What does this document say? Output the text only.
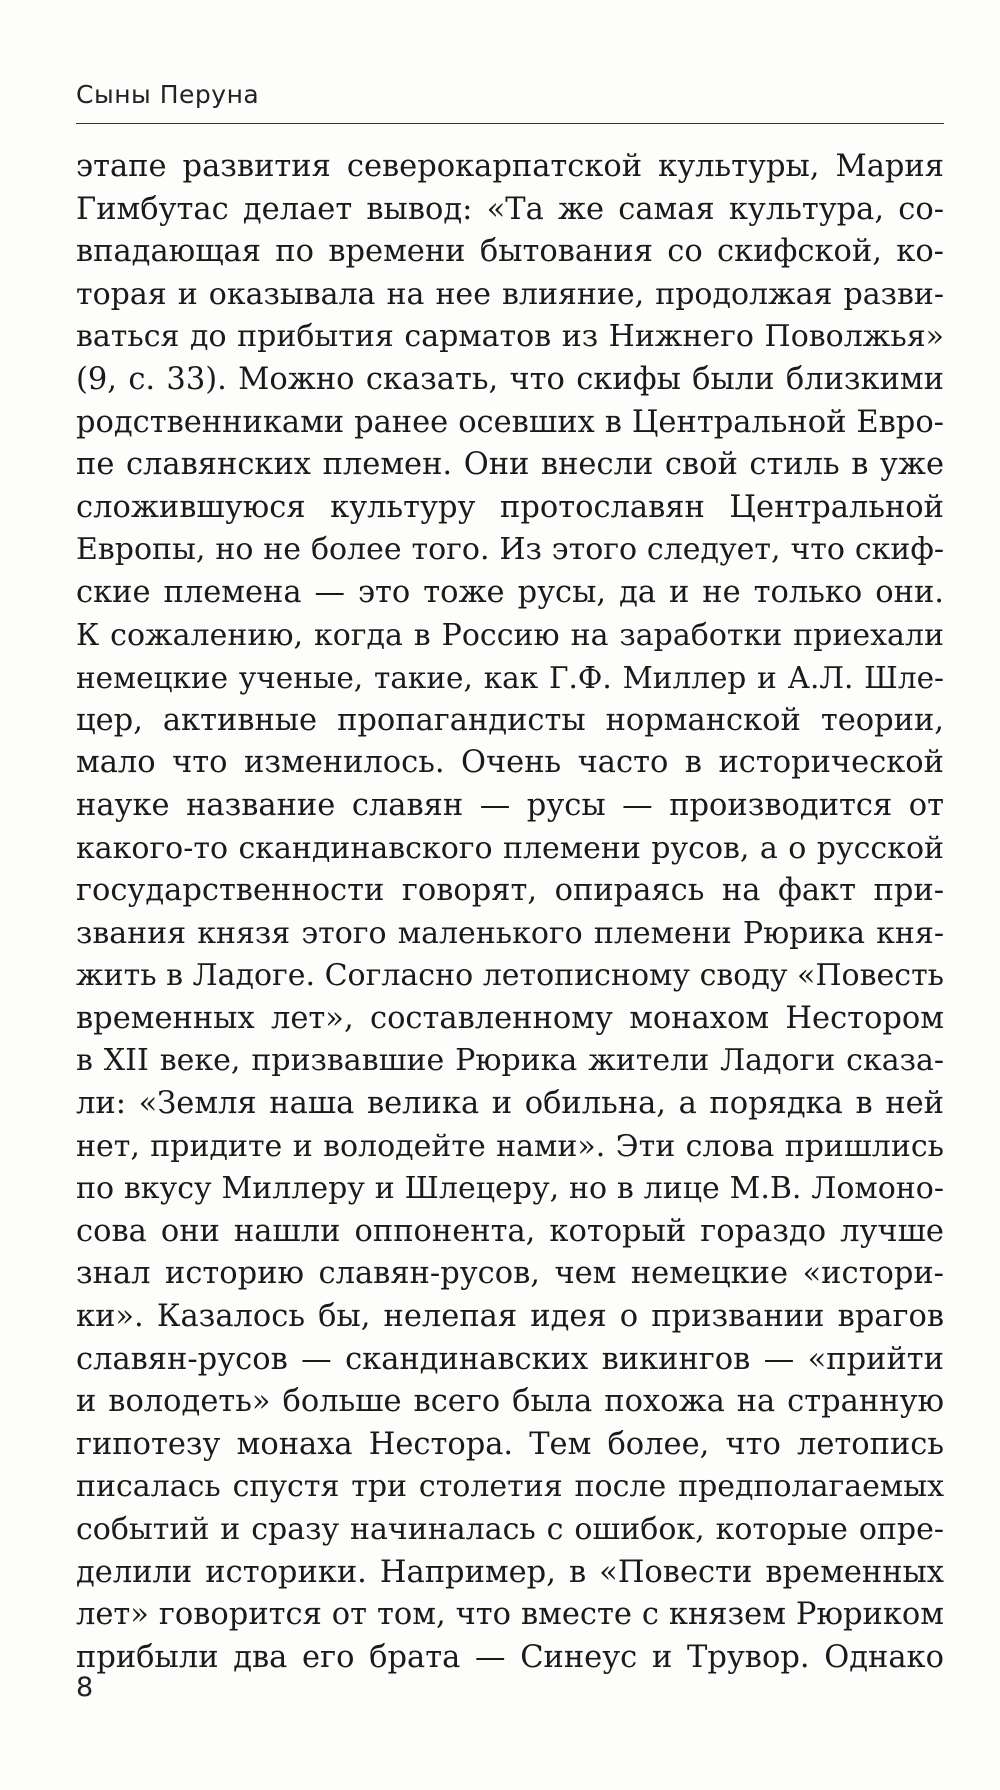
Сыны Перуна
этапе развития северокарпатской культуры, Мария
Гимбутас делает вывод: «Та же самая культура, со-
впадающая по времени бытования со скифской, ко-
торая и оказывала на нее влияние, продолжая разви-
ваться до прибытия сарматов из Нижнего Поволжья»
(9, с. 33). Можно сказать, что скифы были близкими
родственниками ранее осевших в Центральной Евро-
пе славянских племен. Они внесли свой стиль в уже
сложившуюся культуру протославян Центральной
Европы, но не более того. Из этого следует, что скиф-
ские племена — это тоже русы, да и не только они.
К сожалению, когда в Россию на заработки приехали
немецкие ученые, такие, как Г.Ф. Миллер и А.Л. Шле-
цер, активные пропагандисты норманской теории,
мало что изменилось. Очень часто в исторической
науке название славян — русы — производится от
какого-то скандинавского племени русов, а о русской
государственности говорят, опираясь на факт при-
звания князя этого маленького племени Рюрика кня-
жить в Ладоге. Согласно летописному своду «Повесть
временных лет», составленному монахом Нестором
в XII веке, призвавшие Рюрика жители Ладоги сказа-
ли: «Земля наша велика и обильна, а порядка в ней
нет, придите и володейте нами». Эти слова пришлись
по вкусу Миллеру и Шлецеру, но в лице М.В. Ломоно-
сова они нашли оппонента, который гораздо лучше
знал историю славян-русов, чем немецкие «истори-
ки». Казалось бы, нелепая идея о призвании врагов
славян-русов — скандинавских викингов — «прийти
и володеть» больше всего была похожа на странную
гипотезу монаха Нестора. Тем более, что летопись
писалась спустя три столетия после предполагаемых
событий и сразу начиналась с ошибок, которые опре-
делили историки. Например, в «Повести временных
лет» говорится от том, что вместе с князем Рюриком
прибыли два его брата — Синеус и Трувор. Однако
8
